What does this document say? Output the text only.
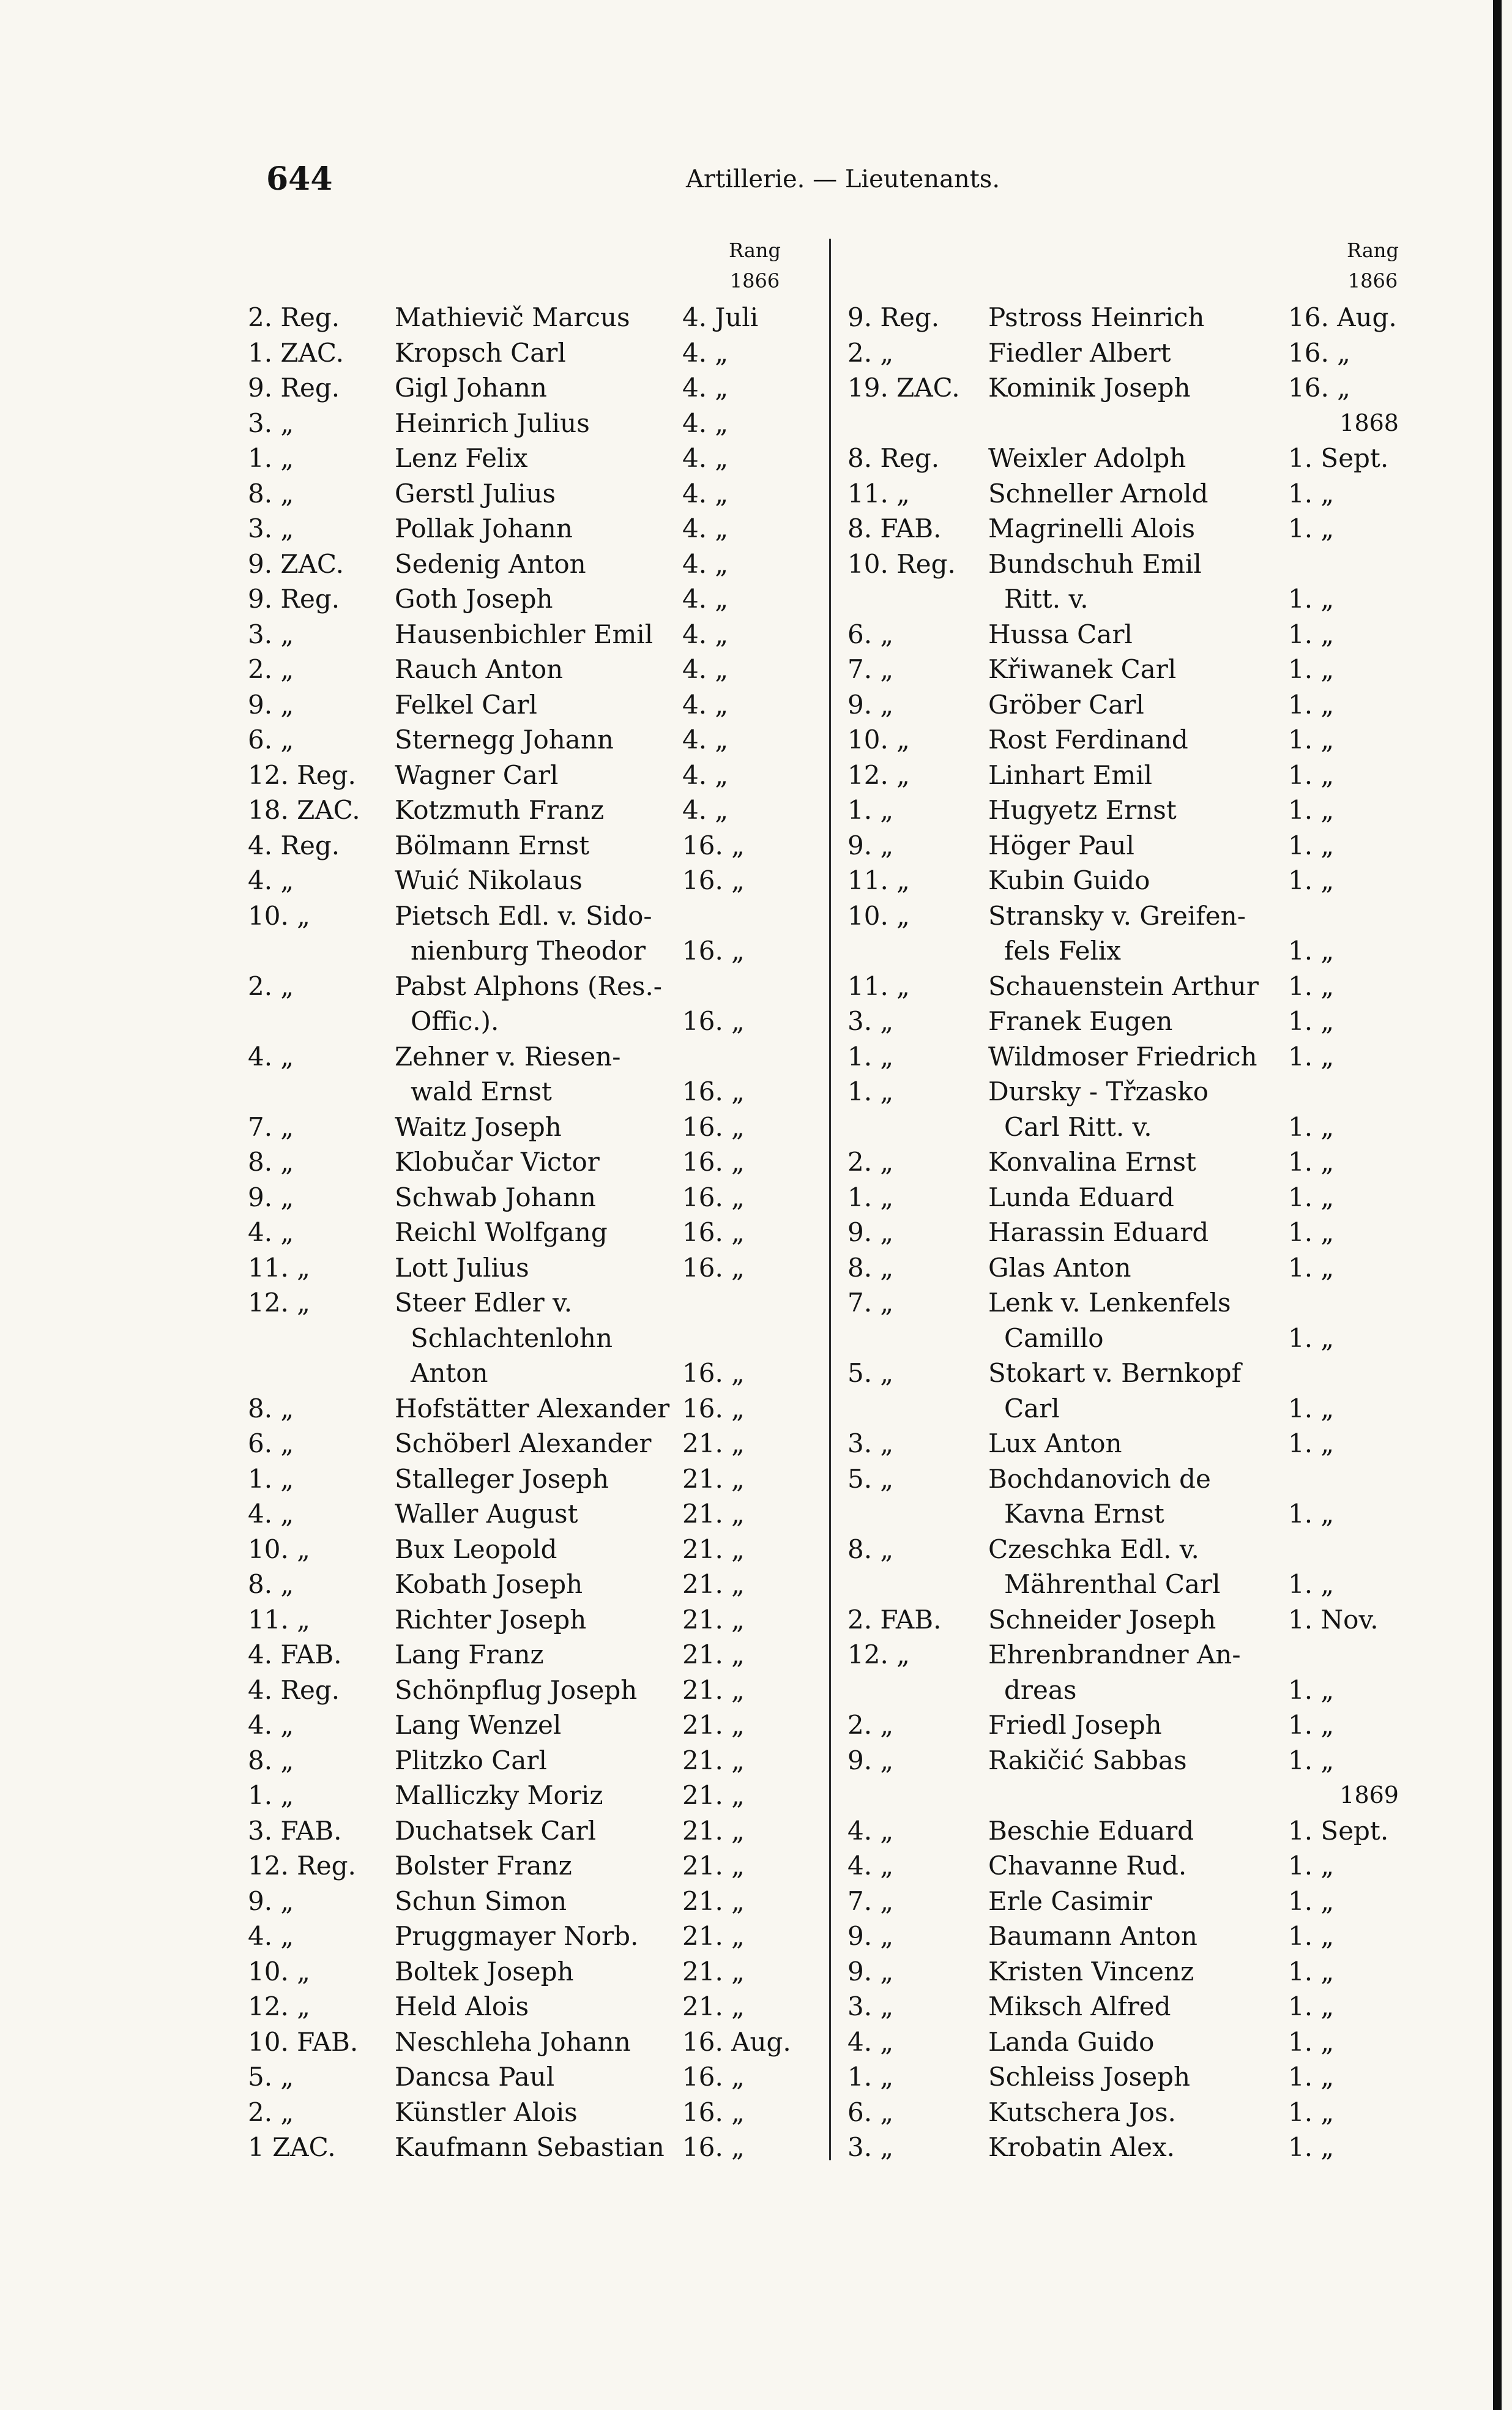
644	Artillerie. — Lieutenants.
Rang
1866
2. Reg.	Mathievič Marcus 4. Juli
1. ZAC.	Kropsch Carl	4. „
9. Reg.	Gigl Johann	4. „
3. „	Heinrich Julius	4. „
1. „	Lenz Felix	4. „
8. „	Gerstl Julius	4. „
3. „	Pollak Johann	4. „
9. ZAC.	Sedenig Anton	4. „
9. Reg.	Goth Joseph	4. „
3. „	Hausenbichler Emil 4. „
2. „	Rauch Anton	4. „
9. „	Felkel Carl	4. „
6. „	Sternegg Johann	4. „
12. Reg.	Wagner Carl	4. „
18. ZAC.	Kotzmuth Franz	4. „
4. Reg.	Bölmann Ernst	16. „
4. „	Wuić Nikolaus	16. „
10. „	Pietsch Edl. v. Sido-
nienburg Theodor 16. „
2. „	Pabst Alphons (Res.-
Offic.).	16. „
4. „	Zehner v. Riesen-
wald Ernst	16. „
7. „	Waitz Joseph	16. „
8. „	Klobučar Victor	16. „
9. „	Schwab Johann	16. „
4. „	Reichl Wolfgang	16. „
11. „	Lott Julius	16. „
12. „	Steer Edler v.
Schlachtenlohn
Anton	16. „
8. „	Hofstätter Alexander 16. „
6. „	Schöberl Alexander 21. „
1. „	Stalleger Joseph	21. „
4. „	Waller August	21. „
10. „	Bux Leopold	21. „
8. „	Kobath Joseph	21. „
11. „	Richter Joseph	21. „
4. FAB.	Lang Franz	21. „
4. Reg.	Schönpflug Joseph 21. „
4. „	Lang Wenzel	21. „
8. „	Plitzko Carl	21. „
1. „	Malliczky Moriz	21. „
3. FAB.	Duchatsek Carl	21. „
12. Reg.	Bolster Franz	21. „
9. „	Schun Simon	21. „
4. „	Pruggmayer Norb. 21. „
10. „	Boltek Joseph	21. „
12. „	Held Alois	21. „
10. FAB.	Neschleha Johann 16. Aug.
5. „	Dancsa Paul	16. „
2. „	Künstler Alois	16. „
1 ZAC.	Kaufmann Sebastian 16. „
Rang
1866
9. Reg.	Pstross Heinrich	16. Aug.
2. „	Fiedler Albert	16. „
19. ZAC.	Kominik Joseph	16. „
1868
8. Reg.	Weixler Adolph	1. Sept.
11. „	Schneller Arnold	1. „
8. FAB.	Magrinelli Alois	1. „
10. Reg.	Bundschuh Emil
Ritt. v.	1. „
6. „	Hussa Carl	1. „
7. „	Křiwanek Carl	1. „
9. „	Gröber Carl	1. „
10. „	Rost Ferdinand	1. „
12. „	Linhart Emil	1. „
1. „	Hugyetz Ernst	1. „
9. „	Höger Paul	1. „
11. „	Kubin Guido	1. „
10. „	Stransky v. Greifen-
fels Felix	1. „
11. „	Schauenstein Arthur 1. „
3. „	Franek Eugen	1. „
1. „	Wildmoser Friedrich 1. „
1. „	Dursky - Třzasko
Carl Ritt. v.	1. „
2. „	Konvalina Ernst	1. „
1. „	Lunda Eduard	1. „
9. „	Harassin Eduard	1. „
8. „	Glas Anton	1. „
7. „	Lenk v. Lenkenfels
Camillo	1. „
5. „	Stokart v. Bernkopf
Carl	1. „
3. „	Lux Anton	1. „
5. „	Bochdanovich de
Kavna Ernst	1. „
8. „	Czeschka Edl. v.
Mährenthal Carl	1. „
2. FAB.	Schneider Joseph	1. Nov.
12. „	Ehrenbrandner An-
dreas	1. „
2. „	Friedl Joseph	1. „
9. „	Rakičić Sabbas	1. „
1869
4. „	Beschie Eduard	1. Sept.
4. „	Chavanne Rud.	1. „
7. „	Erle Casimir	1. „
9. „	Baumann Anton	1. „
9. „	Kristen Vincenz	1. „
3. „	Miksch Alfred	1. „
4. „	Landa Guido	1. „
1. „	Schleiss Joseph	1. „
6. „	Kutschera Jos.	1. „
3. „	Krobatin Alex.	1. „
